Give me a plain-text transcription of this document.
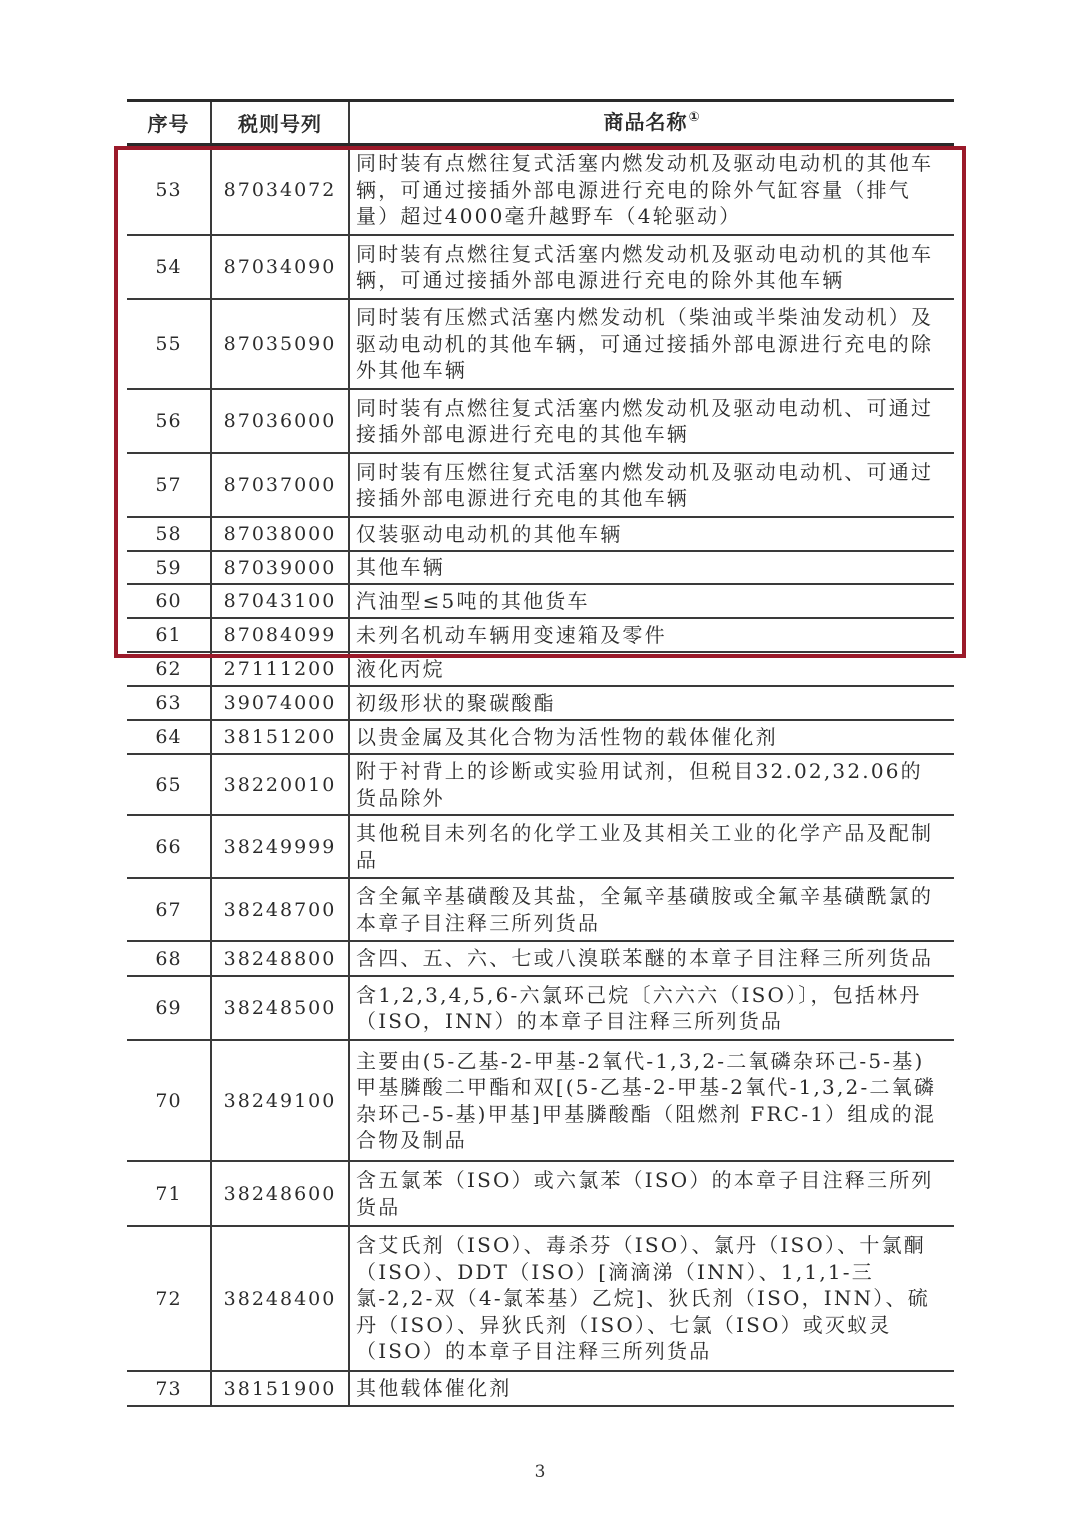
序号	税则号列	商品名称①
53	87034072
同时装有点燃往复式活塞内燃发动机及驱动电动机的其他车辆，可通过接插外部电源进行充电的除外气缸容量（排气量）超过4000毫升越野车（4轮驱动）
54	87034090
同时装有点燃往复式活塞内燃发动机及驱动电动机的其他车辆，可通过接插外部电源进行充电的除外其他车辆
55	87035090
同时装有压燃式活塞内燃发动机（柴油或半柴油发动机）及驱动电动机的其他车辆，可通过接插外部电源进行充电的除外其他车辆
56	87036000
同时装有点燃往复式活塞内燃发动机及驱动电动机、可通过接插外部电源进行充电的其他车辆
57	87037000
同时装有压燃往复式活塞内燃发动机及驱动电动机、可通过接插外部电源进行充电的其他车辆
58	87038000 仅装驱动电动机的其他车辆
59	87039000 其他车辆
60	87043100 汽油型≤5吨的其他货车
61	87084099 未列名机动车辆用变速箱及零件
62	27111200 液化丙烷
63	39074000 初级形状的聚碳酸酯
64	38151200 以贵金属及其化合物为活性物的载体催化剂
65	38220010
附于衬背上的诊断或实验用试剂，但税目32.02,32.06的货品除外
66	38249999
其他税目未列名的化学工业及其相关工业的化学产品及配制品
67	38248700
含全氟辛基磺酸及其盐，全氟辛基磺胺或全氟辛基磺酰氯的本章子目注释三所列货品
68	38248800 含四、五、六、七或八溴联苯醚的本章子目注释三所列货品
69	38248500
含1,2,3,4,5,6-六氯环己烷〔六六六（ISO）〕，包括林丹（ISO，INN）的本章子目注释三所列货品
70	38249100
主要由(5-乙基-2-甲基-2氧代-1,3,2-二氧磷杂环己-5-基)甲基膦酸二甲酯和双[(5-乙基-2-甲基-2氧代-1,3,2-二氧磷杂环己-5-基)甲基]甲基膦酸酯（阻燃剂 FRC-1）组成的混合物及制品
71	38248600
含五氯苯（ISO）或六氯苯（ISO）的本章子目注释三所列货品
72	38248400
含艾氏剂（ISO）、毒杀芬（ISO）、氯丹（ISO）、十氯酮（ISO）、DDT（ISO）[滴滴涕（INN）、1,1,1-三氯-2,2-双（4-氯苯基）乙烷]、狄氏剂（ISO，INN）、硫丹（ISO）、异狄氏剂（ISO）、七氯（ISO）或灭蚁灵（ISO）的本章子目注释三所列货品
73	38151900 其他载体催化剂
3
